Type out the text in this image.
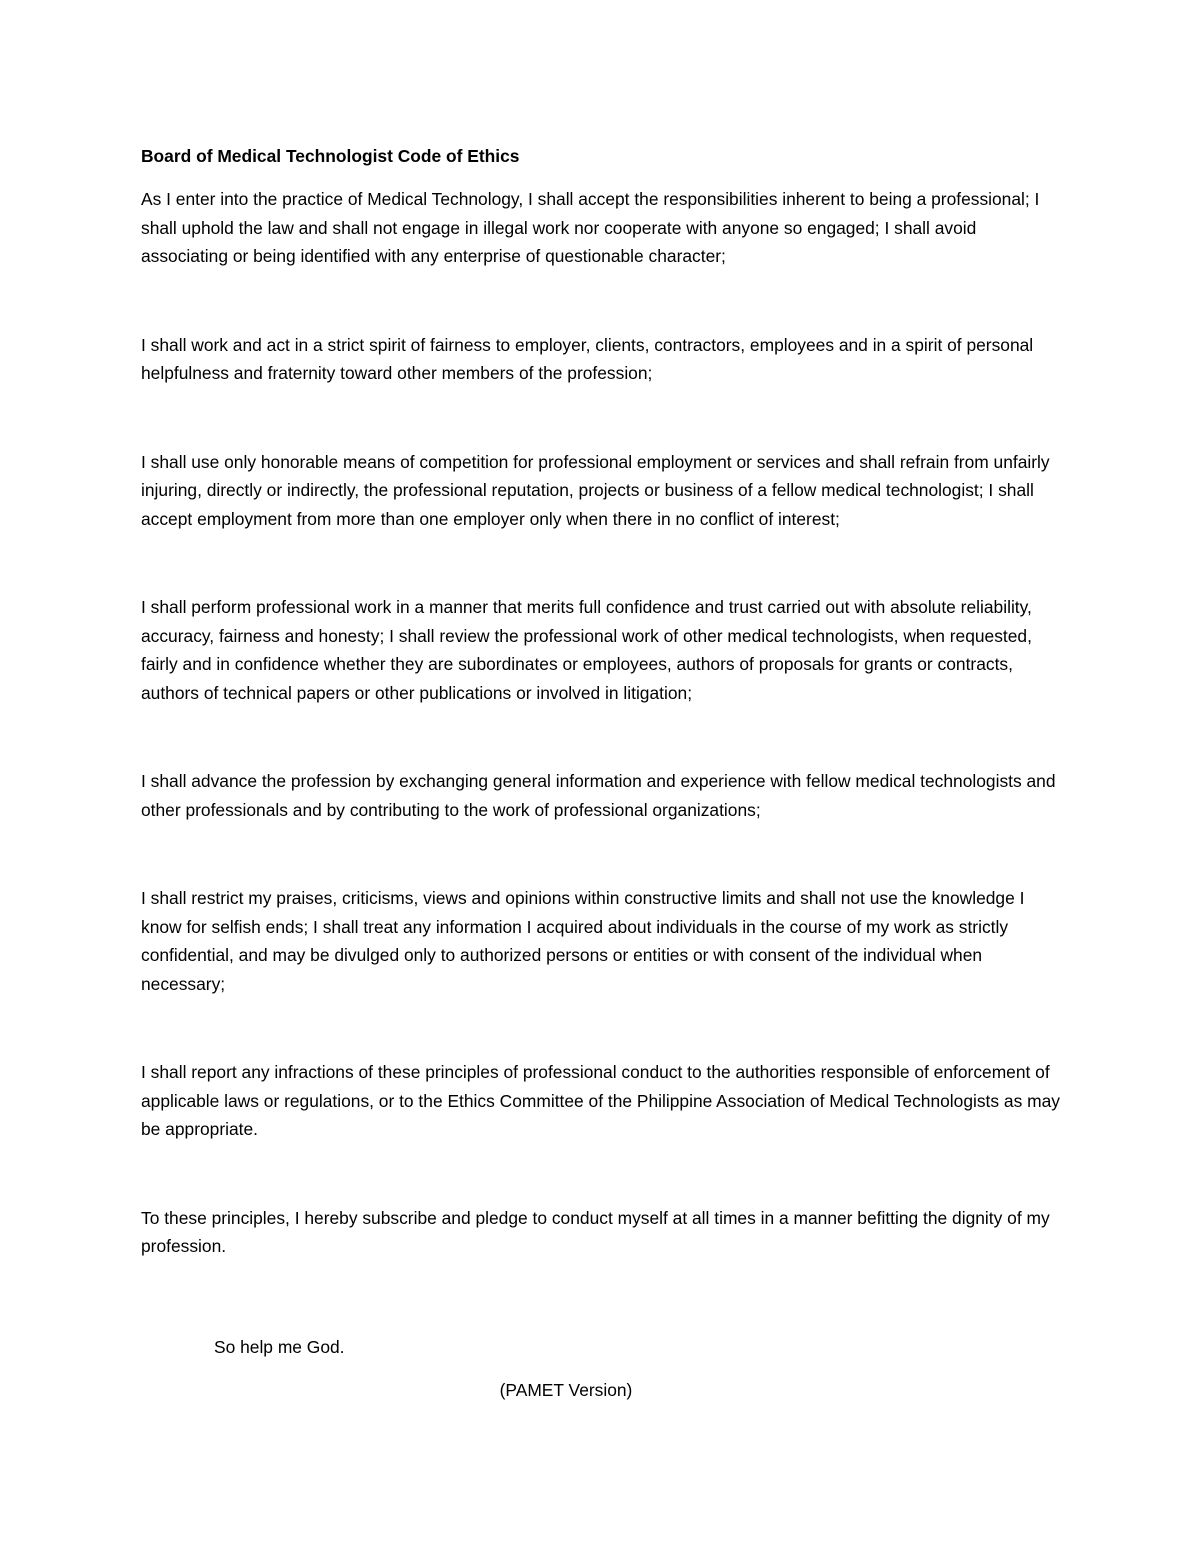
Board of Medical Technologist Code of Ethics

As I enter into the practice of Medical Technology, I shall accept the responsibilities inherent to being a professional; I shall uphold the law and shall not engage in illegal work nor cooperate with anyone so engaged; I shall avoid associating or being identified with any enterprise of questionable character;

I shall work and act in a strict spirit of fairness to employer, clients, contractors, employees and in a spirit of personal helpfulness and fraternity toward other members of the profession;

I shall use only honorable means of competition for professional employment or services and shall refrain from unfairly injuring, directly or indirectly, the professional reputation, projects or business of a fellow medical technologist; I shall accept employment from more than one employer only when there in no conflict of interest;

I shall perform professional work in a manner that merits full confidence and trust carried out with absolute reliability, accuracy, fairness and honesty; I shall review the professional work of other medical technologists, when requested, fairly and in confidence whether they are subordinates or employees, authors of proposals for grants or contracts, authors of technical papers or other publications or involved in litigation;

I shall advance the profession by exchanging general information and experience with fellow medical technologists and other professionals and by contributing to the work of professional organizations;

I shall restrict my praises, criticisms, views and opinions within constructive limits and shall not use the knowledge I know for selfish ends; I shall treat any information I acquired about individuals in the course of my work as strictly confidential, and may be divulged only to authorized persons or entities or with consent of the individual when necessary;

I shall report any infractions of these principles of professional conduct to the authorities responsible of enforcement of applicable laws or regulations, or to the Ethics Committee of the Philippine Association of Medical Technologists as may be appropriate.

To these principles, I hereby subscribe and pledge to conduct myself at all times in a manner befitting the dignity of my profession.

So help me God.

(PAMET Version)
